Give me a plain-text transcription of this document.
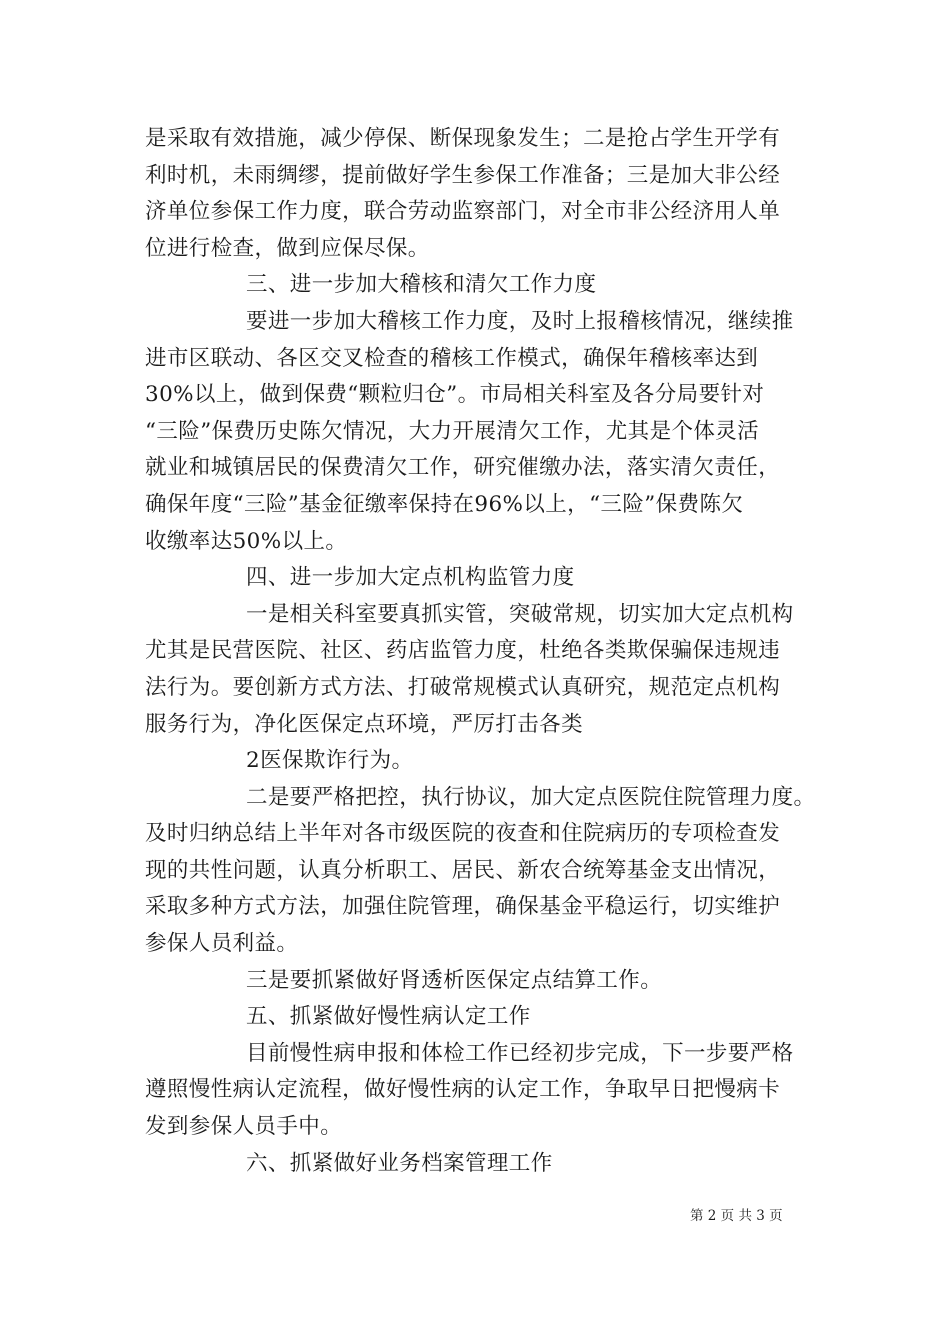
是采取有效措施，减少停保、断保现象发生；二是抢占学生开学有
利时机，未雨绸缪，提前做好学生参保工作准备；三是加大非公经
济单位参保工作力度，联合劳动监察部门，对全市非公经济用人单
位进行检查，做到应保尽保。
三、进一步加大稽核和清欠工作力度
要进一步加大稽核工作力度，及时上报稽核情况，继续推
进市区联动、各区交叉检查的稽核工作模式，确保年稽核率达到
30%以上，做到保费“颗粒归仓”。市局相关科室及各分局要针对
“三险”保费历史陈欠情况，大力开展清欠工作，尤其是个体灵活
就业和城镇居民的保费清欠工作，研究催缴办法，落实清欠责任，
确保年度“三险”基金征缴率保持在96%以上，“三险”保费陈欠
收缴率达50%以上。
四、进一步加大定点机构监管力度
一是相关科室要真抓实管，突破常规，切实加大定点机构
尤其是民营医院、社区、药店监管力度，杜绝各类欺保骗保违规违
法行为。要创新方式方法、打破常规模式认真研究，规范定点机构
服务行为，净化医保定点环境，严厉打击各类
2医保欺诈行为。
二是要严格把控，执行协议，加大定点医院住院管理力度。
及时归纳总结上半年对各市级医院的夜查和住院病历的专项检查发
现的共性问题，认真分析职工、居民、新农合统筹基金支出情况，
采取多种方式方法，加强住院管理，确保基金平稳运行，切实维护
参保人员利益。
三是要抓紧做好肾透析医保定点结算工作。
五、抓紧做好慢性病认定工作
目前慢性病申报和体检工作已经初步完成，下一步要严格
遵照慢性病认定流程，做好慢性病的认定工作，争取早日把慢病卡
发到参保人员手中。
六、抓紧做好业务档案管理工作
第 2 页 共 3 页
